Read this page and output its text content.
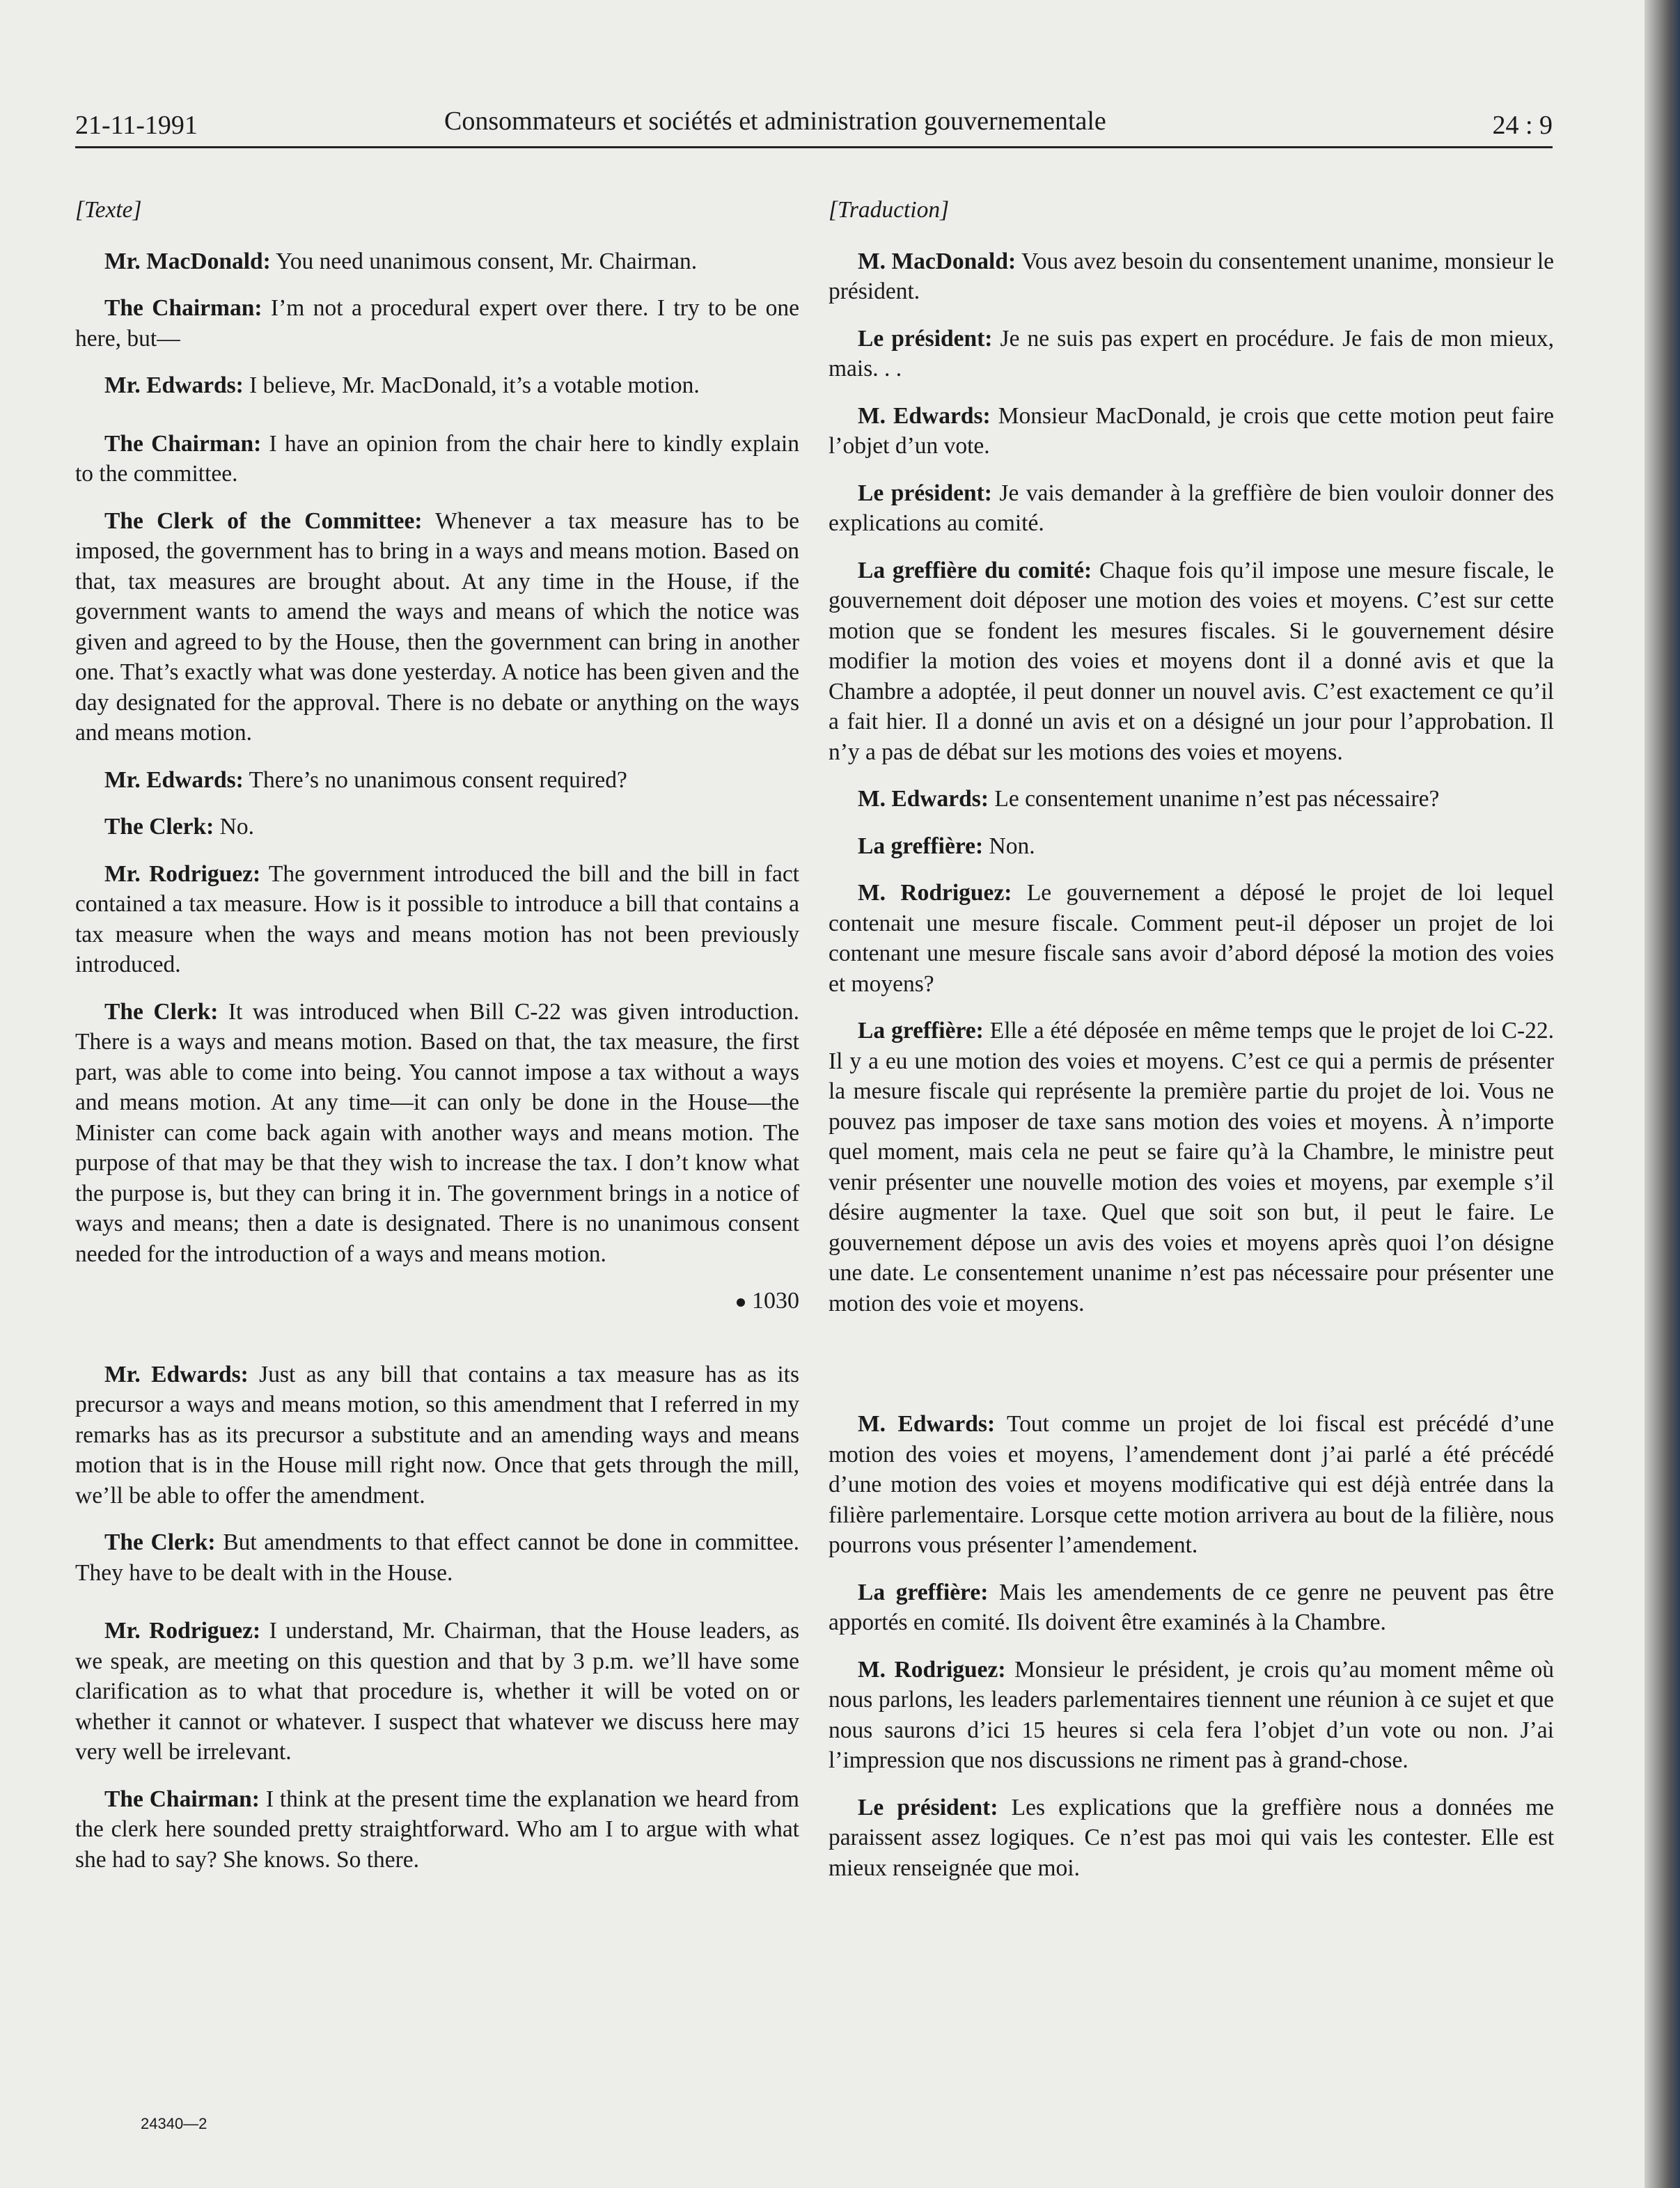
21-11-1991	Consommateurs et sociétés et administration gouvernementale	24 : 9
[Texte]

Mr. MacDonald: You need unanimous consent, Mr. Chairman.

The Chairman: I’m not a procedural expert over there. I try to be one here, but—

Mr. Edwards: I believe, Mr. MacDonald, it’s a votable motion.

The Chairman: I have an opinion from the chair here to kindly explain to the committee.

The Clerk of the Committee: Whenever a tax measure has to be imposed, the government has to bring in a ways and means motion. Based on that, tax measures are brought about. At any time in the House, if the government wants to amend the ways and means of which the notice was given and agreed to by the House, then the government can bring in another one. That’s exactly what was done yesterday. A notice has been given and the day designated for the approval. There is no debate or anything on the ways and means motion.

Mr. Edwards: There’s no unanimous consent required?

The Clerk: No.

Mr. Rodriguez: The government introduced the bill and the bill in fact contained a tax measure. How is it possible to introduce a bill that contains a tax measure when the ways and means motion has not been previously introduced.

The Clerk: It was introduced when Bill C-22 was given introduction. There is a ways and means motion. Based on that, the tax measure, the first part, was able to come into being. You cannot impose a tax without a ways and means motion. At any time—it can only be done in the House—the Minister can come back again with another ways and means motion. The purpose of that may be that they wish to increase the tax. I don’t know what the purpose is, but they can bring it in. The government brings in a notice of ways and means; then a date is designated. There is no unanimous consent needed for the introduction of a ways and means motion.

1030

Mr. Edwards: Just as any bill that contains a tax measure has as its precursor a ways and means motion, so this amendment that I referred in my remarks has as its precursor a substitute and an amending ways and means motion that is in the House mill right now. Once that gets through the mill, we’ll be able to offer the amendment.

The Clerk: But amendments to that effect cannot be done in committee. They have to be dealt with in the House.

Mr. Rodriguez: I understand, Mr. Chairman, that the House leaders, as we speak, are meeting on this question and that by 3 p.m. we’ll have some clarification as to what that procedure is, whether it will be voted on or whether it cannot or whatever. I suspect that whatever we discuss here may very well be irrelevant.

The Chairman: I think at the present time the explanation we heard from the clerk here sounded pretty straightforward. Who am I to argue with what she had to say? She knows. So there.

[Traduction]

M. MacDonald: Vous avez besoin du consentement unanime, monsieur le président.

Le président: Je ne suis pas expert en procédure. Je fais de mon mieux, mais. . .

M. Edwards: Monsieur MacDonald, je crois que cette motion peut faire l’objet d’un vote.

Le président: Je vais demander à la greffière de bien vouloir donner des explications au comité.

La greffière du comité: Chaque fois qu’il impose une mesure fiscale, le gouvernement doit déposer une motion des voies et moyens. C’est sur cette motion que se fondent les mesures fiscales. Si le gouvernement désire modifier la motion des voies et moyens dont il a donné avis et que la Chambre a adoptée, il peut donner un nouvel avis. C’est exactement ce qu’il a fait hier. Il a donné un avis et on a désigné un jour pour l’approbation. Il n’y a pas de débat sur les motions des voies et moyens.

M. Edwards: Le consentement unanime n’est pas nécessaire?

La greffière: Non.

M. Rodriguez: Le gouvernement a déposé le projet de loi lequel contenait une mesure fiscale. Comment peut-il déposer un projet de loi contenant une mesure fiscale sans avoir d’abord déposé la motion des voies et moyens?

La greffière: Elle a été déposée en même temps que le projet de loi C-22. Il y a eu une motion des voies et moyens. C’est ce qui a permis de présenter la mesure fiscale qui représente la première partie du projet de loi. Vous ne pouvez pas imposer de taxe sans motion des voies et moyens. À n’importe quel moment, mais cela ne peut se faire qu’à la Chambre, le ministre peut venir présenter une nouvelle motion des voies et moyens, par exemple s’il désire augmenter la taxe. Quel que soit son but, il peut le faire. Le gouvernement dépose un avis des voies et moyens après quoi l’on désigne une date. Le consentement unanime n’est pas nécessaire pour présenter une motion des voie et moyens.

M. Edwards: Tout comme un projet de loi fiscal est précédé d’une motion des voies et moyens, l’amendement dont j’ai parlé a été précédé d’une motion des voies et moyens modificative qui est déjà entrée dans la filière parlementaire. Lorsque cette motion arrivera au bout de la filière, nous pourrons vous présenter l’amendement.

La greffière: Mais les amendements de ce genre ne peuvent pas être apportés en comité. Ils doivent être examinés à la Chambre.

M. Rodriguez: Monsieur le président, je crois qu’au moment même où nous parlons, les leaders parlementaires tiennent une réunion à ce sujet et que nous saurons d’ici 15 heures si cela fera l’objet d’un vote ou non. J’ai l’impression que nos discussions ne riment pas à grand-chose.

Le président: Les explications que la greffière nous a données me paraissent assez logiques. Ce n’est pas moi qui vais les contester. Elle est mieux renseignée que moi.

24340—2
